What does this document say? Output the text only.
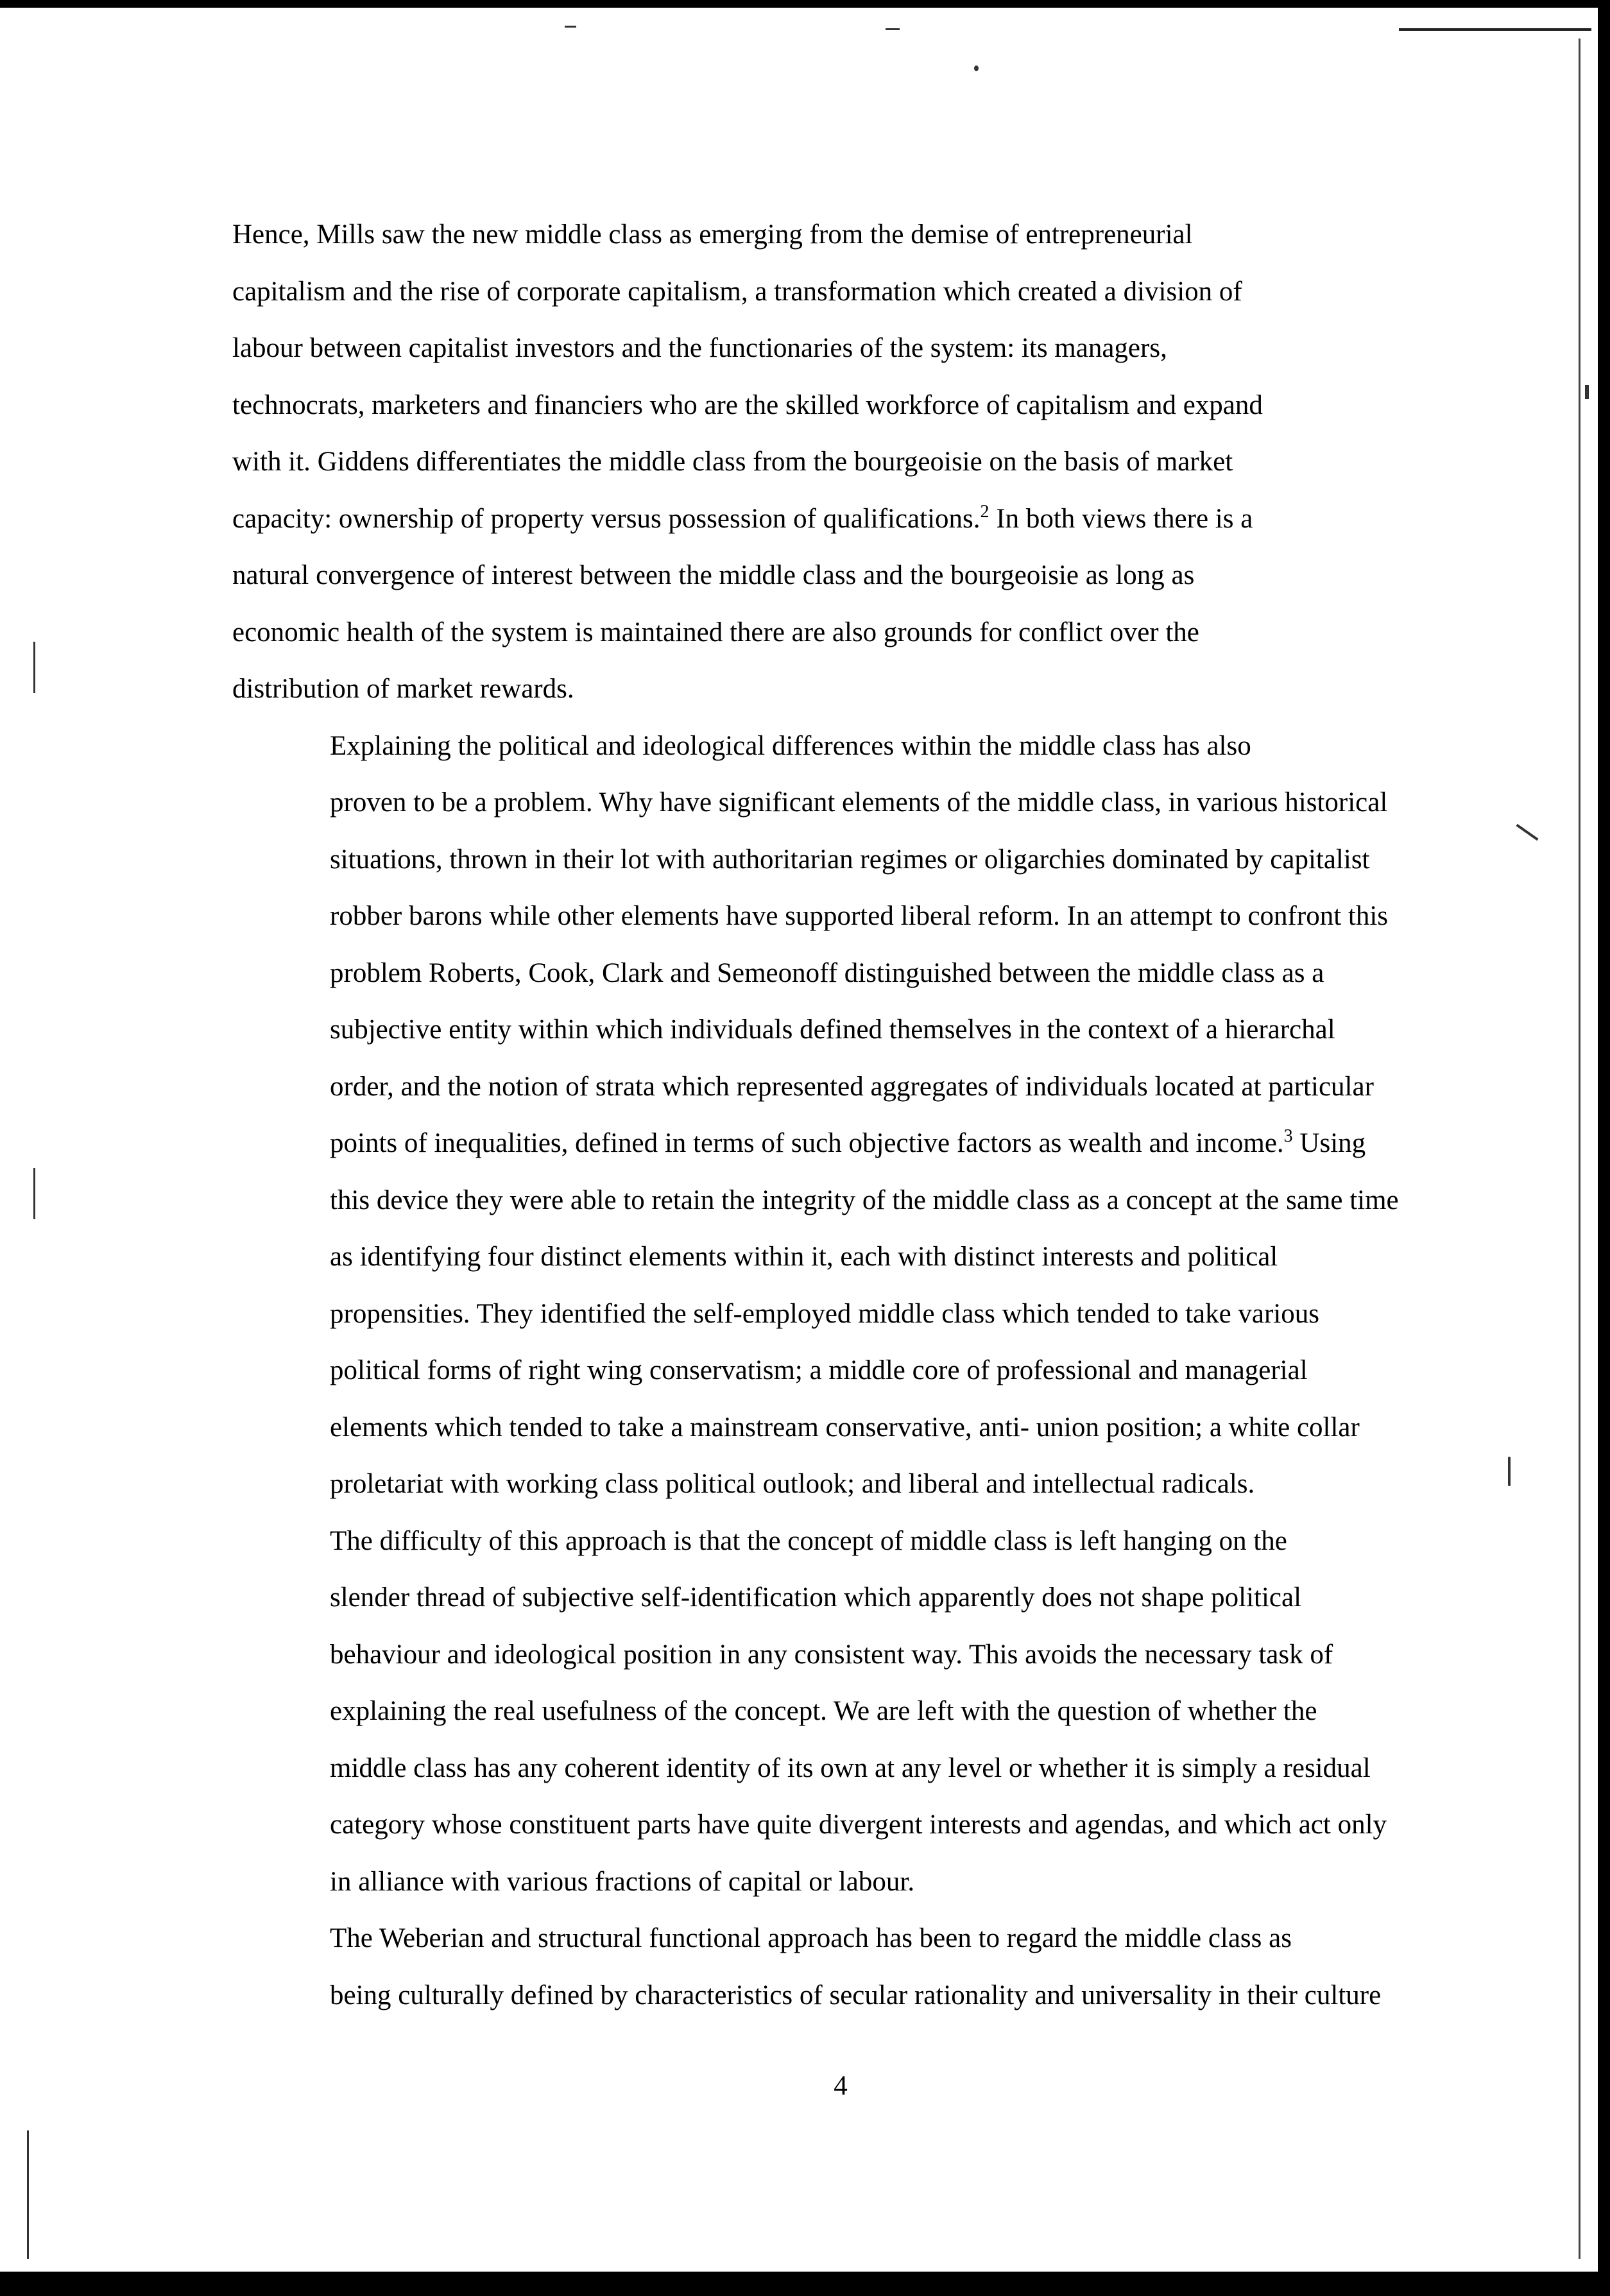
Hence, Mills saw the new middle class as emerging from the demise of entrepreneurial
capitalism and the rise of corporate capitalism, a transformation which created a division of
labour between capitalist investors and the functionaries of the system: its managers,
technocrats, marketers and financiers who are the skilled workforce of capitalism and expand
with it. Giddens differentiates the middle class from the bourgeoisie on the basis of market
capacity: ownership of property versus possession of qualifications.$^2$ In both views there is a
natural convergence of interest between the middle class and the bourgeoisie as long as
economic health of the system is maintained there are also grounds for conflict over the
distribution of market rewards.

Explaining the political and ideological differences within the middle class has also
proven to be a problem. Why have significant elements of the middle class, in various historical
situations, thrown in their lot with authoritarian regimes or oligarchies dominated by capitalist
robber barons while other elements have supported liberal reform. In an attempt to confront this
problem Roberts, Cook, Clark and Semeonoff distinguished between the middle class as a
subjective entity within which individuals defined themselves in the context of a hierarchal
order, and the notion of strata which represented aggregates of individuals located at particular
points of inequalities, defined in terms of such objective factors as wealth and income.$^3$ Using
this device they were able to retain the integrity of the middle class as a concept at the same time
as identifying four distinct elements within it, each with distinct interests and political
propensities. They identified the self-employed middle class which tended to take various
political forms of right wing conservatism; a middle core of professional and managerial
elements which tended to take a mainstream conservative, anti- union position; a white collar
proletariat with working class political outlook; and liberal and intellectual radicals.

The difficulty of this approach is that the concept of middle class is left hanging on the
slender thread of subjective self-identification which apparently does not shape political
behaviour and ideological position in any consistent way. This avoids the necessary task of
explaining the real usefulness of the concept. We are left with the question of whether the
middle class has any coherent identity of its own at any level or whether it is simply a residual
category whose constituent parts have quite divergent interests and agendas, and which act only
in alliance with various fractions of capital or labour.

The Weberian and structural functional approach has been to regard the middle class as
being culturally defined by characteristics of secular rationality and universality in their culture

4
